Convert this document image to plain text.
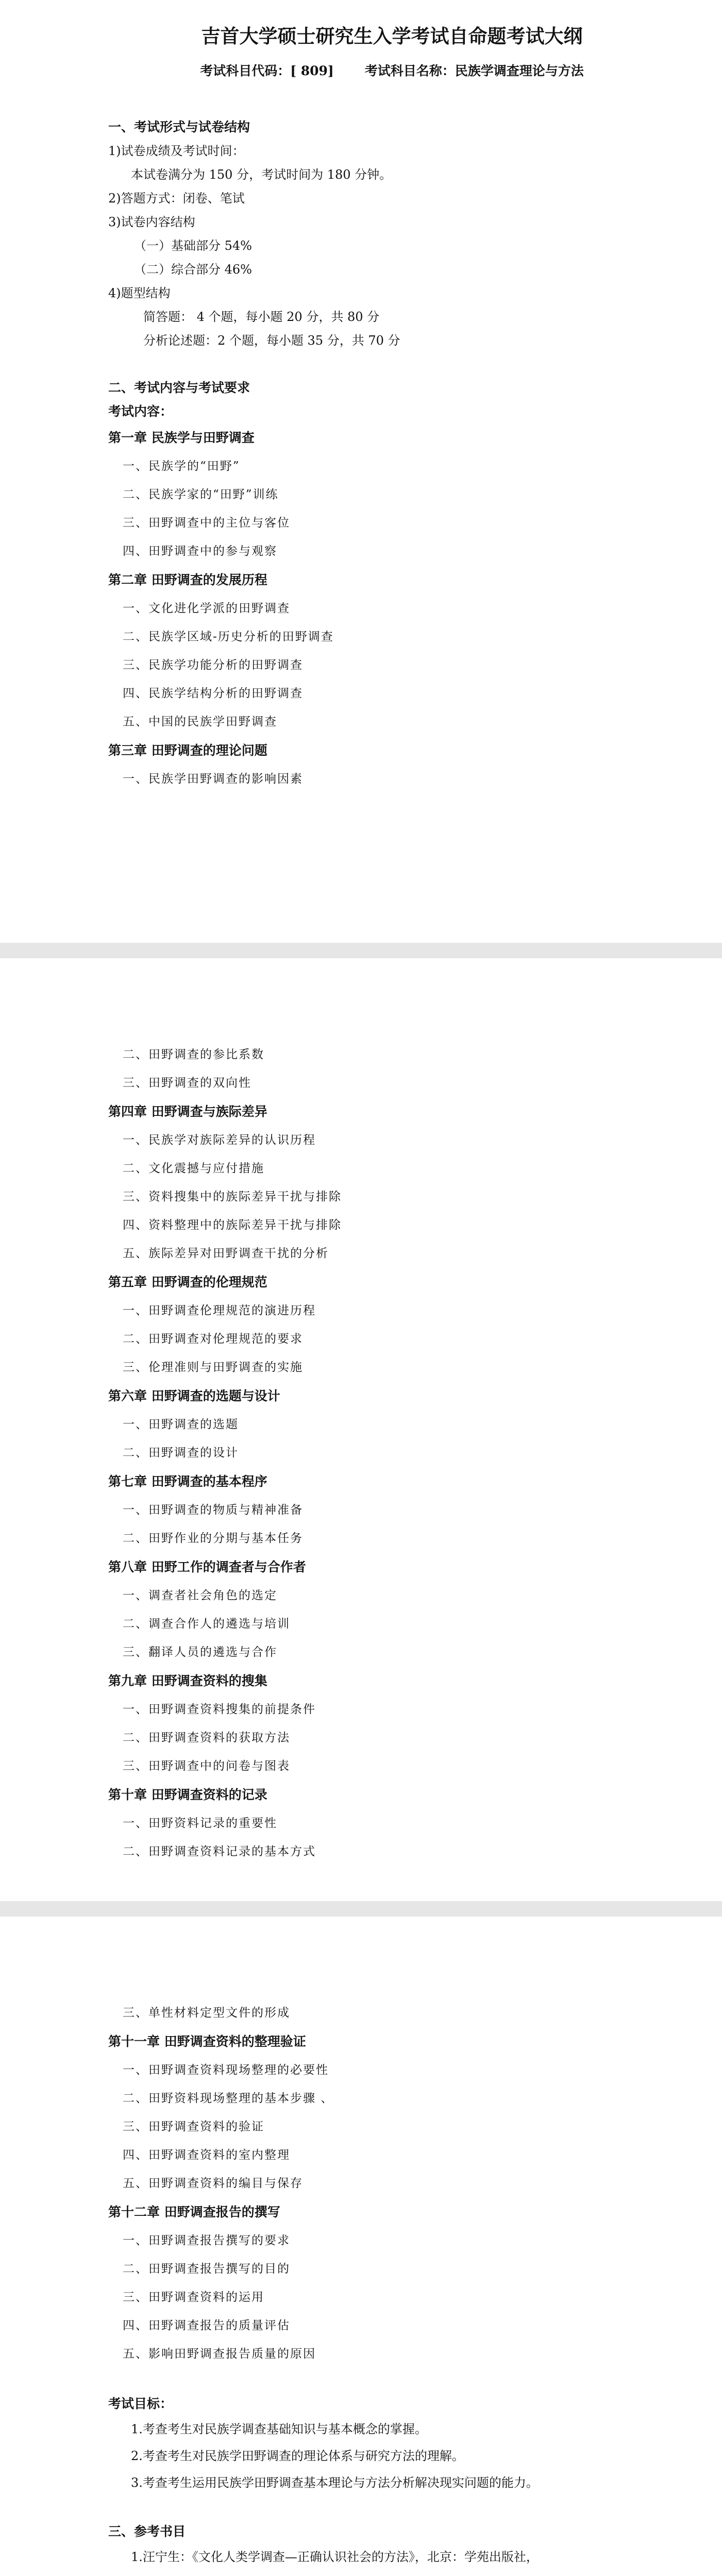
吉首大学硕士研究生入学考试自命题考试大纲
考试科目代码：[ 809] 考试科目名称：民族学调查理论与方法

一、考试形式与试卷结构

1)试卷成绩及考试时间：

本试卷满分为 150 分，考试时间为 180 分钟。

2)答题方式：闭卷、笔试

3)试卷内容结构

（一）基础部分 54%

（二）综合部分 46%

4)题型结构

简答题： 4 个题，每小题 20 分，共 80 分

分析论述题：2 个题，每小题 35 分，共 70 分

二、考试内容与考试要求

考试内容：

第一章 民族学与田野调查

一、民族学的“田野”

二、民族学家的“田野”训练

三、田野调查中的主位与客位

四、田野调查中的参与观察

第二章 田野调查的发展历程

一、文化进化学派的田野调查

二、民族学区域-历史分析的田野调查

三、民族学功能分析的田野调查

四、民族学结构分析的田野调查

五、中国的民族学田野调查

第三章 田野调查的理论问题

一、民族学田野调查的影响因素

二、田野调查的参比系数

三、田野调查的双向性

第四章 田野调查与族际差异

一、民族学对族际差异的认识历程

二、文化震撼与应付措施

三、资料搜集中的族际差异干扰与排除

四、资料整理中的族际差异干扰与排除

五、族际差异对田野调查干扰的分析

第五章 田野调查的伦理规范

一、田野调查伦理规范的演进历程

二、田野调查对伦理规范的要求

三、伦理准则与田野调查的实施

第六章 田野调查的选题与设计

一、田野调查的选题

二、田野调查的设计

第七章 田野调查的基本程序

一、田野调查的物质与精神准备

二、田野作业的分期与基本任务

第八章 田野工作的调查者与合作者

一、调查者社会角色的选定

二、调查合作人的遴选与培训

三、翻译人员的遴选与合作

第九章 田野调查资料的搜集

一、田野调查资料搜集的前提条件

二、田野调查资料的获取方法

三、田野调查中的问卷与图表

第十章 田野调查资料的记录

一、田野资料记录的重要性

二、田野调查资料记录的基本方式

三、单性材料定型文件的形成

第十一章 田野调查资料的整理验证

一、田野调查资料现场整理的必要性

二、田野资料现场整理的基本步骤 、

三、田野调查资料的验证

四、田野调查资料的室内整理

五、田野调查资料的编目与保存

第十二章 田野调查报告的撰写

一、田野调查报告撰写的要求

二、田野调查报告撰写的目的

三、田野调查资料的运用

四、田野调查报告的质量评估

五、影响田野调查报告质量的原因

考试目标：

1.考查考生对民族学调查基础知识与基本概念的掌握。

2.考查考生对民族学田野调查的理论体系与研究方法的理解。

3.考查考生运用民族学田野调查基本理论与方法分析解决现实问题的能力。

三、参考书目

1.汪宁生：《文化人类学调查—正确认识社会的方法》，北京：学苑出版社，
